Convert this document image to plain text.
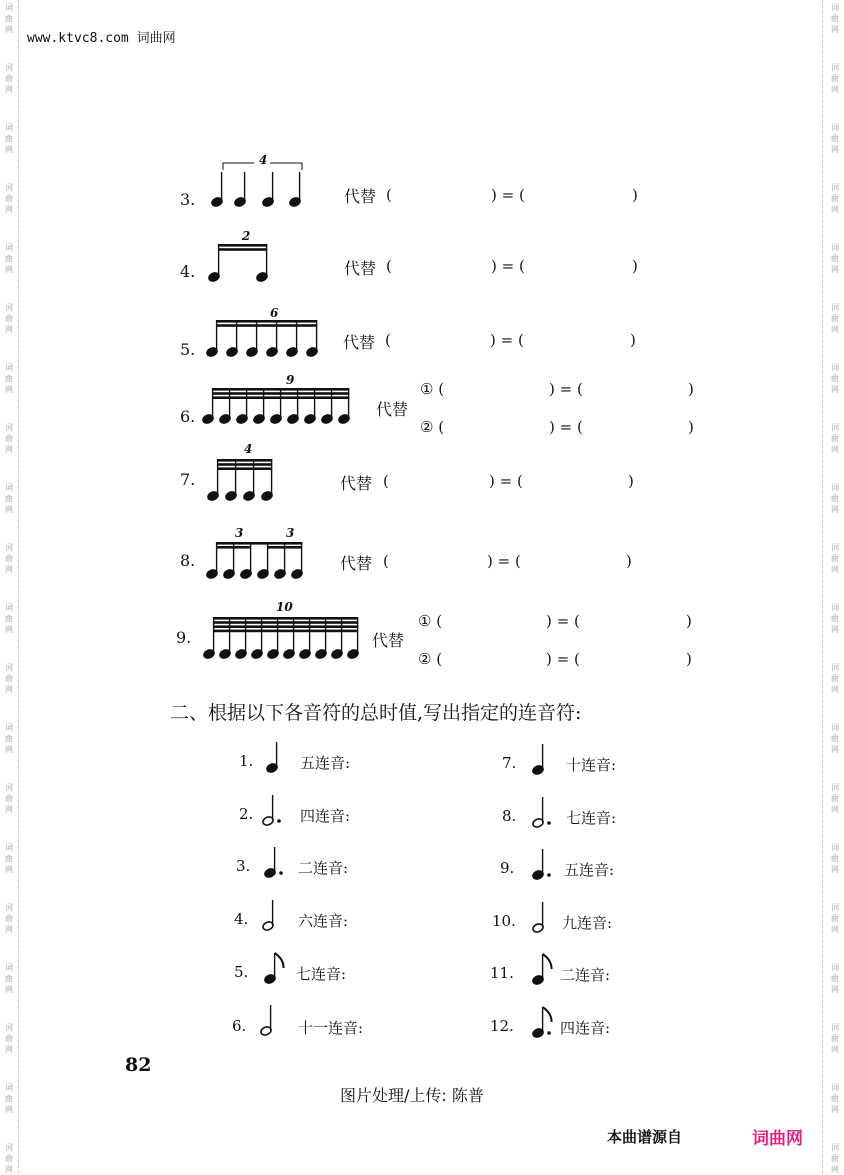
词
曲
网
词
曲
网
词
曲
网
词
曲
网
词
曲
网
词
曲
网
词
曲
网
词
曲
网
词
曲
网
词
曲
网
词
曲
网
词
曲
网
词
曲
网
词
曲
网
词
曲
网
词
曲
网
词
曲
网
词
曲
网
词
曲
网
词
曲
网
词
曲
网
词
曲
网
词
曲
网
词
曲
网
词
曲
网
词
曲
网
词
曲
网
词
曲
网
词
曲
网
词
曲
网
词
曲
网
词
曲
网
词
曲
网
词
曲
网
词
曲
网
词
曲
网
词
曲
网
词
曲
网
词
曲
网
词
曲
网
www.ktvc8.com 词曲网
3.
4
代替 (	) = (	)
4.
2
代替 (	) = (	)
5.
6
代替 (	) = (	)
6.
9
代替
① (	) = (	)
② (	) = (	)
7.
4
代替 (	) = (	)
8.
3	3
代替 (	) = (	)
9.
10
代替
① (	) = (	)
② (	) = (	)
二、根据以下各音符的总时值,写出指定的连音符:
1.	五连音:
2.	四连音:
3.	二连音:
4.	六连音:
5.	七连音:
6.	十一连音:
7.	十连音:
8.	七连音:
9.	五连音:
10.	九连音:
11.	二连音:
12.	四连音:
82
图片处理/上传: 陈普
本曲谱源自	词曲网
